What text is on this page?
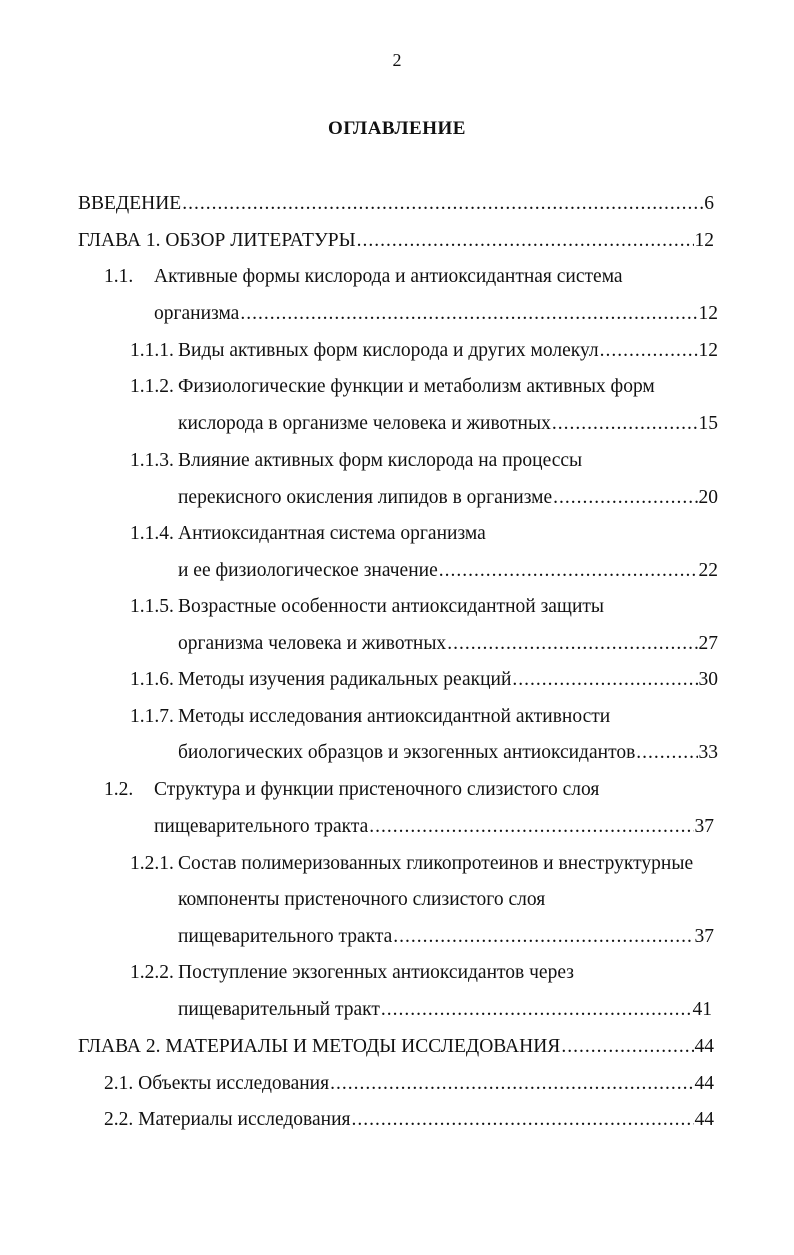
2
ОГЛАВЛЕНИЕ
ВВЕДЕНИЕ .....	6
ГЛАВА 1. ОБЗОР ЛИТЕРАТУРЫ .....	12
1.1.	Активные формы кислорода и антиоксидантная система
организма .....	12
1.1.1. Виды активных форм кислорода и других молекул .....	12
1.1.2. Физиологические функции и метаболизм активных форм
кислорода в организме человека и животных .....	15
1.1.3. Влияние активных форм кислорода на процессы
перекисного окисления липидов в организме .....	20
1.1.4. Антиоксидантная система организма
и ее физиологическое значение .....	22
1.1.5. Возрастные особенности антиоксидантной защиты
организма человека и животных .....	27
1.1.6. Методы изучения радикальных реакций .....	30
1.1.7. Методы исследования антиоксидантной активности
биологических образцов и экзогенных антиоксидантов .....	33
1.2.	Структура и функции пристеночного слизистого слоя
пищеварительного тракта .....	37
1.2.1. Состав полимеризованных гликопротеинов и внеструктурные
компоненты пристеночного слизистого слоя
пищеварительного тракта .....	37
1.2.2. Поступление экзогенных антиоксидантов через
пищеварительный тракт .....	41
ГЛАВА 2. МАТЕРИАЛЫ И МЕТОДЫ ИССЛЕДОВАНИЯ .....	44
2.1. Объекты исследования .....	44
2.2. Материалы исследования .....	44
